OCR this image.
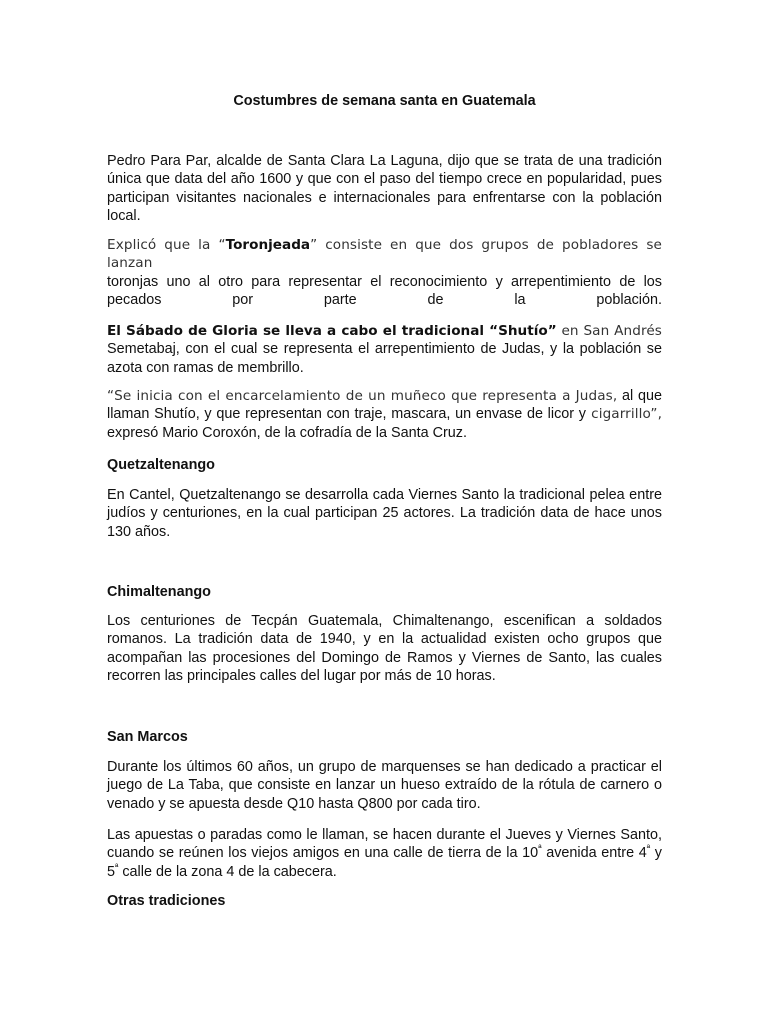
Costumbres de semana santa en Guatemala

Pedro Para Par, alcalde de Santa Clara La Laguna, dijo que se trata de una tradición única que data del año 1600 y que con el paso del tiempo crece en popularidad, pues participan visitantes nacionales e internacionales para enfrentarse con la población local.

Explicó que la “Toronjeada” consiste en que dos grupos de pobladores se lanzan
toronjas uno al otro para representar el reconocimiento y arrepentimiento de los
pecados por parte de la población.
El Sábado de Gloria se lleva a cabo el tradicional “Shutío” en San Andrés
Semetabaj, con el cual se representa el arrepentimiento de Judas, y la población se azota con ramas de membrillo.

“Se inicia con el encarcelamiento de un muñeco que representa a Judas, al que llaman Shutío, y que representan con traje, mascara, un envase de licor y cigarrillo”, expresó Mario Coroxón, de la cofradía de la Santa Cruz.

Quetzaltenango

En Cantel, Quetzaltenango se desarrolla cada Viernes Santo la tradicional pelea entre judíos y centuriones, en la cual participan 25 actores. La tradición data de hace unos 130 años.

Chimaltenango

Los centuriones de Tecpán Guatemala, Chimaltenango, escenifican a soldados romanos. La tradición data de 1940, y en la actualidad existen ocho grupos que acompañan las procesiones del Domingo de Ramos y Viernes de Santo, las cuales recorren las principales calles del lugar por más de 10 horas.

San Marcos

Durante los últimos 60 años, un grupo de marquenses se han dedicado a practicar el juego de La Taba, que consiste en lanzar un hueso extraído de la rótula de carnero o venado y se apuesta desde Q10 hasta Q800 por cada tiro.

Las apuestas o paradas como le llaman, se hacen durante el Jueves y Viernes Santo, cuando se reúnen los viejos amigos en una calle de tierra de la $10^ª$ avenida entre $4^ª$ y $5^ª$ calle de la zona 4 de la cabecera.

Otras tradiciones
